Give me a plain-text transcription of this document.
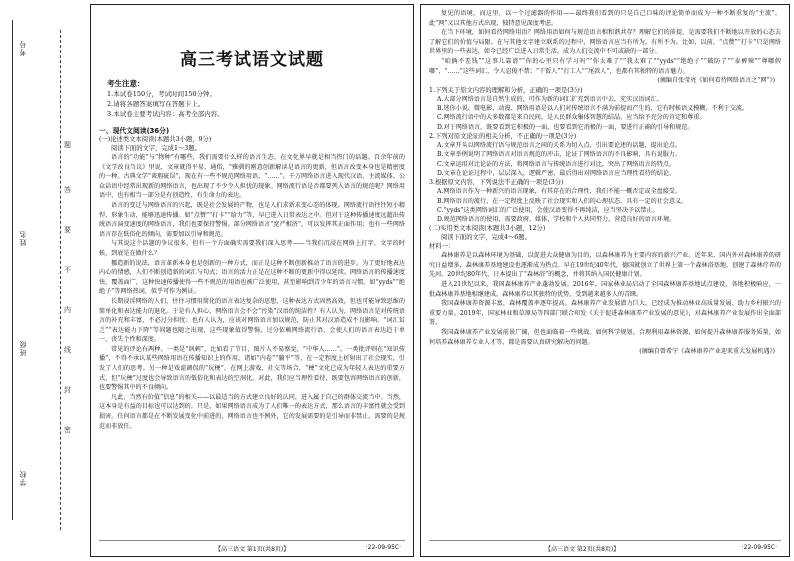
考号
姓名
班级
学校
题
答
要
不
内
线
封
密
高三考试语文试题
考生注意：
1.本试卷150分，考试时间150分钟。
2.请将各题答案填写在答题卡上。
3.本试卷主要考试内容：高考全部内容。
一、现代文阅读(36分)
(一)论述类文本阅读(本题共3小题，9分)
阅读下面的文字，完成1～3题。
语言的“功能”与“物种”有哪些，我们需要什么样的语言生态，在文化界早就是相当热门的话题。百余年前的《文学改良刍议》里说，文章就得平易、通俗，“雅驯的刚意创新解读是语言的更新，但语言改变本身也是精密度的一种。古典文学“谈瑕疵误”，现在有一些不规范网络用语，“……”。千万网络语言进入现代汉语，主流媒体、公众话语中经常出现新的网络语言，也出现了不少令人担忧的现象。网络流行语是否都要列入语言的规范呢？网络用语中，也有相当一部分是有创造性、有生命力的表达。
语言的变迁与网络语言的兴起，既是社会发展的产物，也是人们求新求变心态的体现。网络流行语往往短小精悍，形象生动，能够迅速传播。如“点赞”“打卡”“给力”等，早已进入日常表达之中。但对于这种传播速度远超出传统语言演变速度的网络语言，我们也要保持警惕。部分网络语言“宽严相济”，可以发挥其正面作用；也有一些网络语言存在低俗化的倾向，需要加以引导和规范。
与其说这个话题的争议很多，但有一个方面确实需要我们深入思考——当我们沉浸在网络上打字，文字的时候，到底是在做什么？
挪造新的说法，语言革新本身也是创新的一种方式，而正是这种不断创新推动了语言的进步。为了更好地表达内心的情感，人们不断创造新的词汇与句式；语言的活力正是在这种不断的更新中得以延续。网络语言的传播速度快、覆盖面广，这种快速传播使得一些不规范的用语也被广泛使用，甚至影响到青少年的语言习惯。如“yyds”“绝绝子”等网络热词，似乎可作为例证。
长期浸淫网络的人们，往往习惯用简化的语言表达复杂的思想，这种表达方式固然高效，但也可能导致思维的简单化和表达能力的退化。于是有人担心，网络语言会不会“污染”汉语的纯洁性？有人认为，网络语言是对传统语言的补充和丰富，不必过分担忧；也有人认为，应该对网络语言加以规范，防止其对汉语造成不良影响。“词汇贫乏”“表达能力下降”等问题也随之出现，这些现象值得警惕。过分依赖网络流行语，会使人们的语言表达趋于单一，丧失个性和深度。
常见的评论有两种。一类是“讽刺”，比如看了节目，图片人不易察觉，“中华人……”。一类批评则在“知识传播”，不得不承认某些网络用语在传播知识上的作用，诸如“内卷”“躺平”等，在一定程度上折射出了社会现实，引发了人们的思考。另一种是戏谑调侃的“玩梗”，在网上游戏、社交等场合，“梗”文化已成为年轻人表达的重要方式，但“玩梗”过度也会导致语言的低俗化和表达的空洞化。对此，我们应当理性看待，既要包容网络语言的创新，也要警惕其中的不良倾向。
凡此，当然有价值“信息”的相关——以最适当的方式建立良好的认同，进入属于自己的群体交流当中。当然，这本身是有益的目标也可以达到的。只是，如果网络语言成为了人们唯一的表达方式，那么语言的丰富性就会受到损害。任何语言都是在不断发展变化中前进的，网络语言也不例外，它的发展需要的是引导而非禁止，需要的是规范而非放任。
【高三语文 第1页(共8页)】	·22-09-95C·
复见的语境，而这里，以一个过滤器的作用——最终我们看到的只是自己口味的评论简单而成为一种不断重复的“主流”。此“网”又以其他方式出现，独特意见深度考虑。
在当下环境，如何看待网络用语？网络用语如何与规范语言相和谐共存？理解它们的前提，是需要我们不断地以开放的心态去了解它们的价值与局限。在与其他文字建立联系的过程中，网络语言应当有所为，有所不为。比如，以前，“点赞”“打卡”只是网络世界里的一些表达，如今已经广泛进入日常生活，成为人们交流中不可或缺的一部分。
“咱俩不差钱”“这事儿靠谱”“你的心里只有学习吗”“你太难了”“我太难了”“yyds”“绝绝子”“破防了”“泰裤辣”“尊嘟假嘟”，“……”这些词汇，令人忍俊不禁；“干饭人”“打工人”“尾款人”，也都有其独特的语言魅力。
(摘编自张莹亮《如何看待网络语言之“网”》)
1.下列关于原文内容的理解和分析，正确的一项是(3分)
A.大部分网络语言是自然生成的，可作为新的词汇扩充到语言中去，充实汉语词汇。
B.迷你小说、微电影、动漫、网络用语是以人们对传统语言不满为前提而产生的，它有时候语义模糊，不利于交流。
C.网络流行语中的大多数都是来自民间，是人民群众集体智慧的结晶，应当给予充分的肯定和尊重。
D.对于网络语言，既要看到它积极的一面，也要看到它消极的一面，要进行正确的引导和规范。
2.下列对原文论证的相关分析，不正确的一项是(3分)
A.文章开头以网络流行语与规范语言之间的关系为切入点，引出要论述的话题，提出论点。
B.文章举例说明了网络语言对语言规范的冲击，论证了网络语言的不良影响，具有说服力。
C.文章运用对比论证的方法，将网络语言与传统语言进行对比，突出了网络语言的特点。
D.文章在论证过程中，层层深入，逻辑严密，最后得出对网络语言应当理性看待的结论。
3.根据原文内容，下列说法不正确的一项是(3分)
A.网络语言作为一种新兴的语言现象，有其存在的合理性，我们不能一概否定或全盘接受。
B.网络语言的流行，在一定程度上反映了社会现实和人们的心理状态，具有一定的社会意义。
C.“yyds”这类网络词汇的广泛使用，会使汉语变得不再纯洁，应当坚决予以禁止。
D.规范网络语言的使用，需要政府、媒体、学校和个人共同努力，营造良好的语言环境。
(二)实用类文本阅读(本题共3小题，12分)
阅读下面的文字，完成4～6题。
材料一：
森林康养是以森林环境为基础，以促进大众健康为目的，以森林康养为主要内容的新兴产业。近年来，国内外对森林康养的研究日益增多，森林康养基地建设也逐渐成为热点。早在19世纪40年代，德国就创立了世界上第一个森林浴基地，创建了森林疗养的先河。20世纪80年代，日本提出了“森林浴”的概念，并将其纳入国民健康计划。
进入21世纪以来，我国森林康养产业蓬勃发展。2016年，国家林业局启动了全国森林康养基地试点建设，各地积极响应，一批森林康养基地相继建成。森林康养以其独特的优势，受到越来越多人的青睐。
我国森林康养资源丰富，森林覆盖率逐年提高。森林康养产业发展潜力巨大，已经成为推动林业高质量发展、助力乡村振兴的重要力量。2019年，国家林业和草原局等四部门联合印发《关于促进森林康养产业发展的意见》，对森林康养产业发展作出全面部署。
我国森林康养产业发展前景广阔，但也面临着一些挑战。如何科学规划、合理利用森林资源，如何提升森林康养服务质量，如何培养森林康养专业人才等，都是需要认真研究解决的问题。
(摘编自曾希宁《森林康养产业迎来重大发展机遇》)
【高三语文 第2页(共8页)】	·22-09-95C·
